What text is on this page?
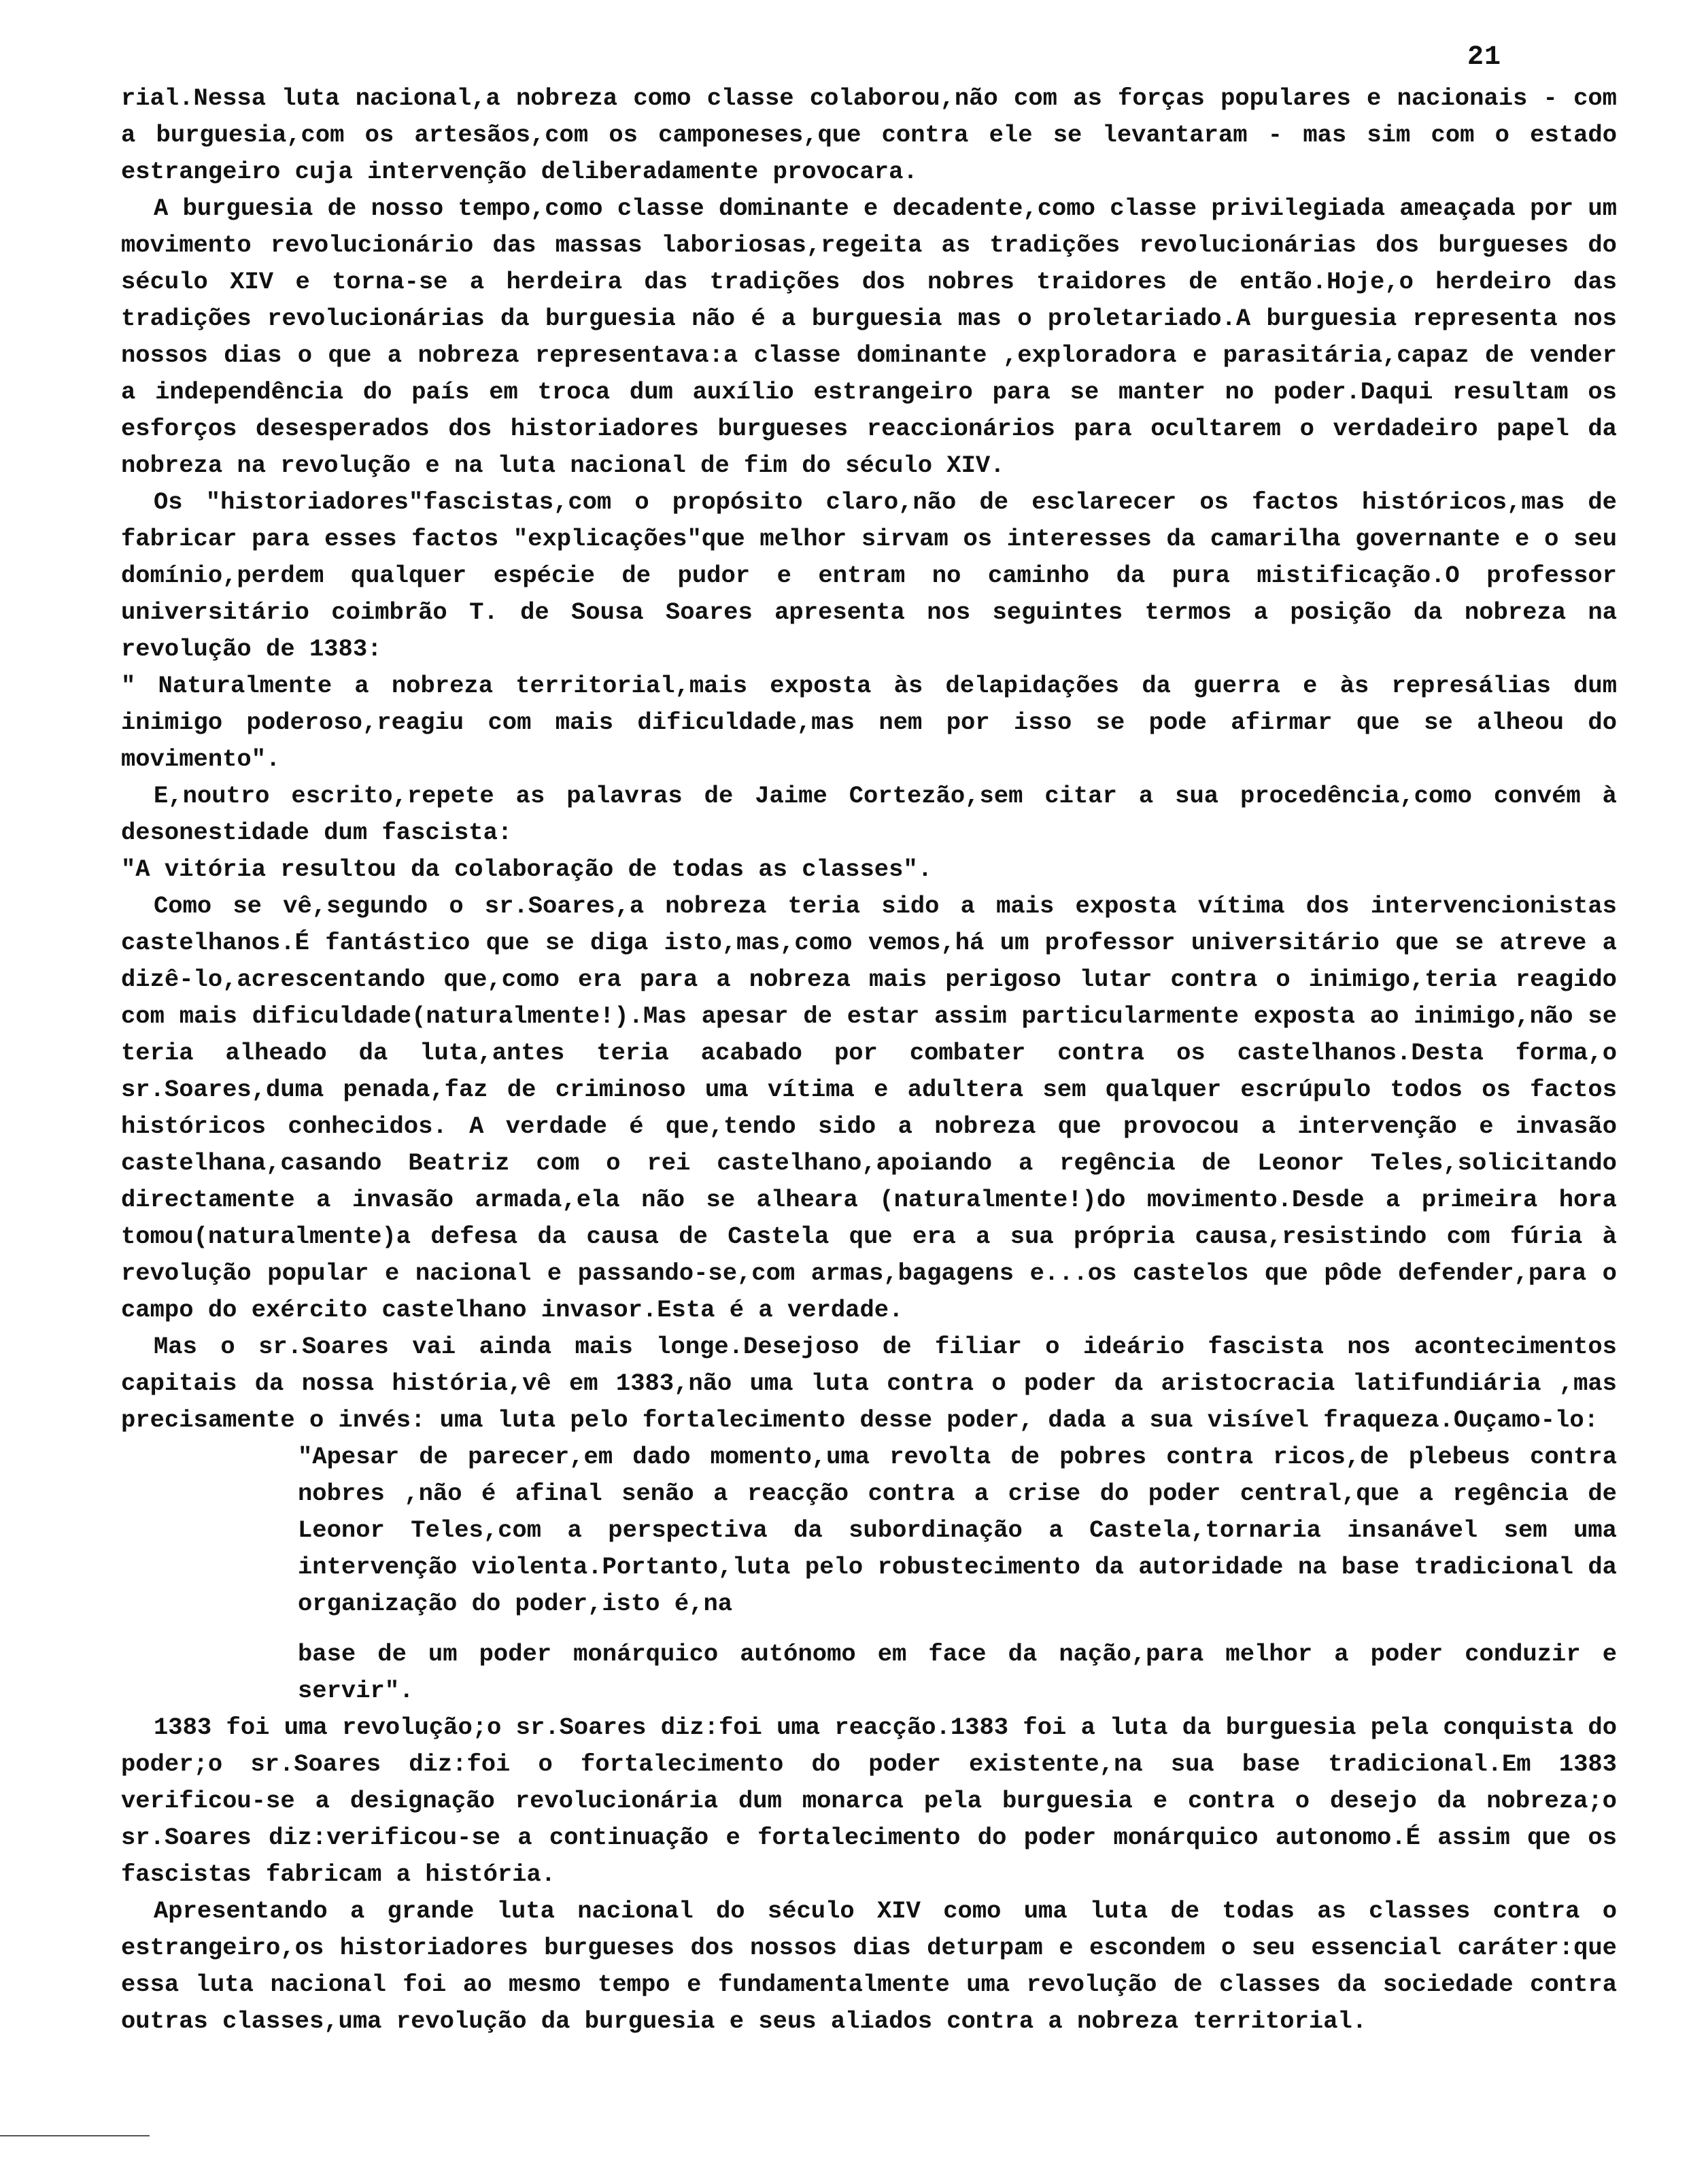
21

rial.Nessa luta nacional,a nobreza como classe colaborou,não com as forças populares e nacionais - com a burguesia,com os artesãos,com os camponeses,que contra ele se levantaram - mas sim com o estado estrangeiro cuja intervenção deliberadamente provocara.

A burguesia de nosso tempo,como classe dominante e decadente,como classe privilegiada ameaçada por um movimento revolucionário das massas laboriosas,regeita as tradições revolucionárias dos burgueses do século XIV e torna-se a herdeira das tradições dos nobres traidores de então.Hoje,o herdeiro das tradições revolucionárias da burguesia não é a burguesia mas o proletariado.A burguesia representa nos nossos dias o que a nobreza representava:a classe dominante ,exploradora e parasitária,capaz de vender a independência do país em troca dum auxílio estrangeiro para se manter no poder.Daqui resultam os esforços desesperados dos historiadores burgueses reaccionários para ocultarem o verdadeiro papel da nobreza na revolução e na luta nacional de fim do século XIV.

Os "historiadores"fascistas,com o propósito claro,não de esclarecer os factos históricos,mas de fabricar para esses factos "explicações"que melhor sirvam os interesses da camarilha governante e o seu domínio,perdem qualquer espécie de pudor e entram no caminho da pura mistificação.O professor universitário coimbrão T. de Sousa Soares apresenta nos seguintes termos a posição da nobreza na revolução de 1383:

" Naturalmente a nobreza territorial,mais exposta às delapidações da guerra e às represálias dum inimigo poderoso,reagiu com mais dificuldade,mas nem por isso se pode afirmar que se alheou do movimento".

E,noutro escrito,repete as palavras de Jaime Cortezão,sem citar a sua procedência,como convém à desonestidade dum fascista:

"A vitória resultou da colaboração de todas as classes".

Como se vê,segundo o sr.Soares,a nobreza teria sido a mais exposta vítima dos intervencionistas castelhanos.É fantástico que se diga isto,mas,como vemos,há um professor universitário que se atreve a dizê-lo,acrescentando que,como era para a nobreza mais perigoso lutar contra o inimigo,teria reagido com mais dificuldade(naturalmente!).Mas apesar de estar assim particularmente exposta ao inimigo,não se teria alheado da luta,antes teria acabado por combater contra os castelhanos.Desta forma,o sr.Soares,duma penada,faz de criminoso uma vítima e adultera sem qualquer escrúpulo todos os factos históricos conhecidos. A verdade é que,tendo sido a nobreza que provocou a intervenção e invasão castelhana,casando Beatriz com o rei castelhano,apoiando a regência de Leonor Teles,solicitando directamente a invasão armada,ela não se alheara (naturalmente!)do movimento.Desde a primeira hora tomou(naturalmente)a defesa da causa de Castela que era a sua própria causa,resistindo com fúria à revolução popular e nacional e passando-se,com armas,bagagens e...os castelos que pôde defender,para o campo do exército castelhano invasor.Esta é a verdade.

Mas o sr.Soares vai ainda mais longe.Desejoso de filiar o ideário fascista nos acontecimentos capitais da nossa história,vê em 1383,não uma luta contra o poder da aristocracia latifundiária ,mas precisamente o invés: uma luta pelo fortalecimento desse poder, dada a sua visível fraqueza.Ouçamo-lo:

"Apesar de parecer,em dado momento,uma revolta de pobres contra ricos,de plebeus contra nobres ,não é afinal senão a reacção contra a crise do poder central,que a regência de Leonor Teles,com a perspectiva da subordinação a Castela,tornaria insanável sem uma intervenção violenta.Portanto,luta pelo robustecimento da autoridade na base tradicional da organização do poder,isto é,na

base de um poder monárquico autónomo em face da nação,para melhor a poder conduzir e servir".

1383 foi uma revolução;o sr.Soares diz:foi uma reacção.1383 foi a luta da burguesia pela conquista do poder;o sr.Soares diz:foi o fortalecimento do poder existente,na sua base tradicional.Em 1383 verificou-se a designação revolucionária dum monarca pela burguesia e contra o desejo da nobreza;o sr.Soares diz:verificou-se a continuação e fortalecimento do poder monárquico autonomo.É assim que os fascistas fabricam a história.

Apresentando a grande luta nacional do século XIV como uma luta de todas as classes contra o estrangeiro,os historiadores burgueses dos nossos dias deturpam e escondem o seu essencial caráter:que essa luta nacional foi ao mesmo tempo e fundamentalmente uma revolução de classes da sociedade contra outras classes,uma revolução da burguesia e seus aliados contra a nobreza territorial.
